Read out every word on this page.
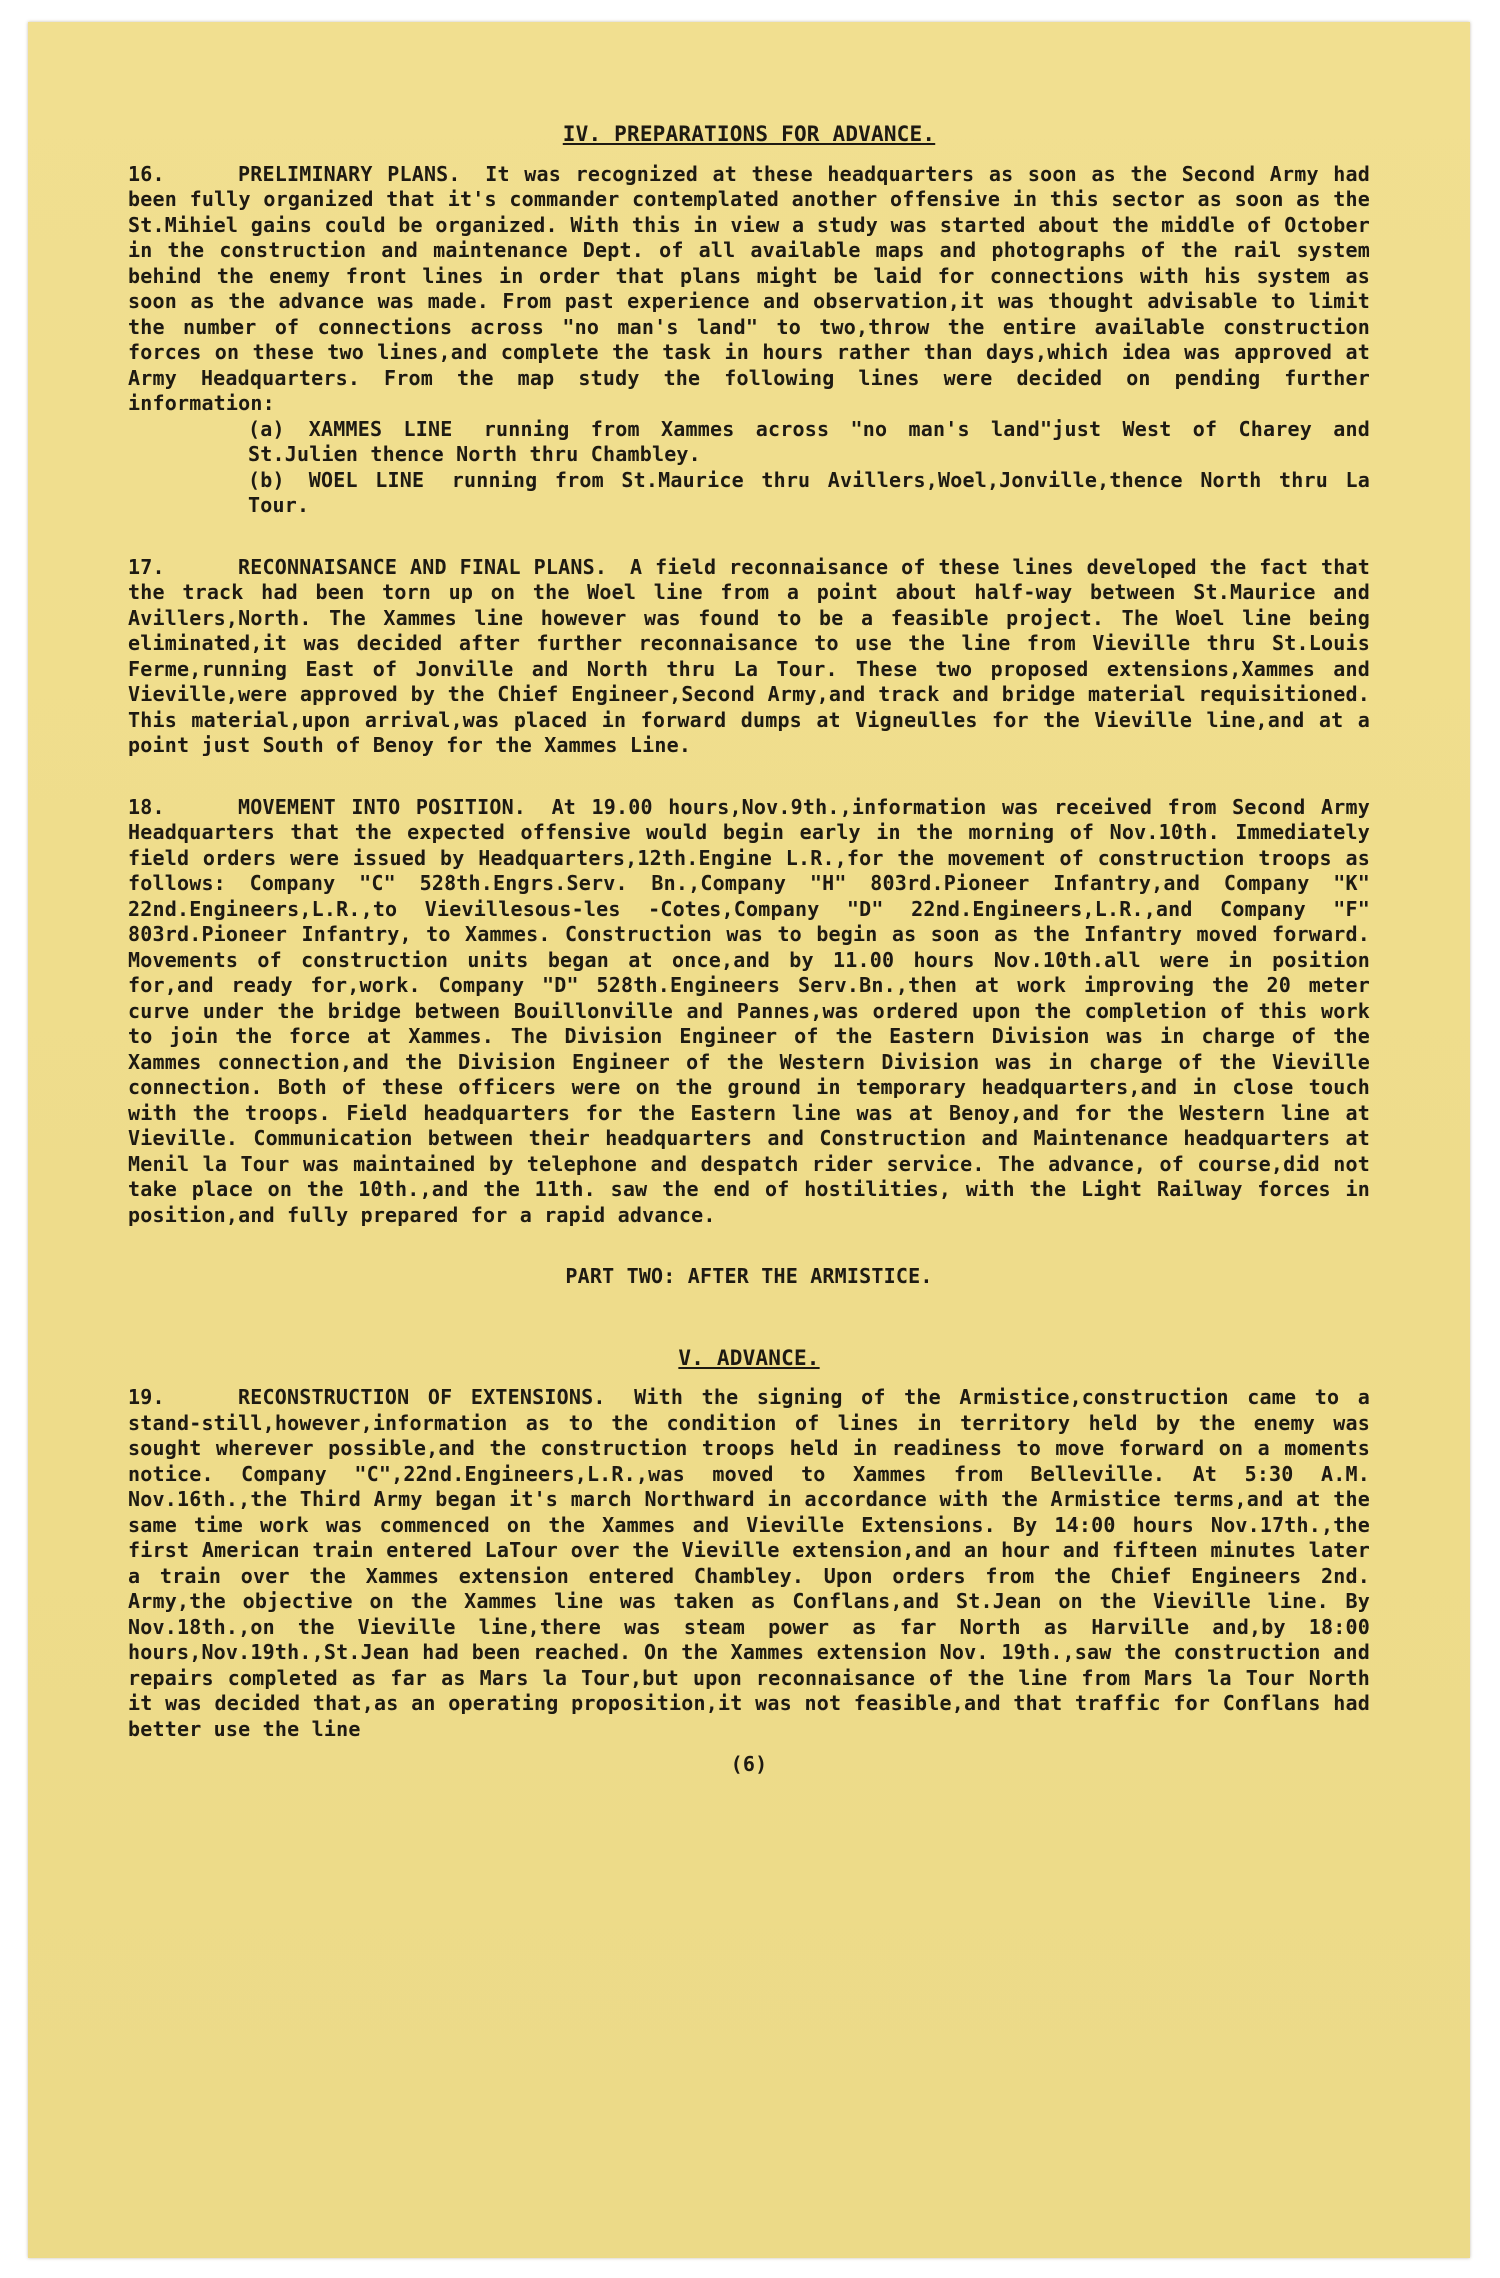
IV. PREPARATIONS FOR ADVANCE.
16.	PRELIMINARY PLANS. It was recognized at these headquarters as soon as the Second Army had been fully organized that it's commander contemplated another offensive in this sector as soon as the St.Mihiel gains could be organized. With this in view a study was started about the middle of October in the construction and maintenance Dept. of all available maps and photographs of the rail system behind the enemy front lines in order that plans might be laid for connections with his system as soon as the advance was made. From past experience and observation,it was thought advisable to limit the number of connections across "no man's land" to two,throw the entire available construction forces on these two lines,and complete the task in hours rather than days,which idea was approved at Army Headquarters. From the map study the following lines were decided on pending further information:
(a) XAMMES LINE running from Xammes across "no man's land"just West of Charey and St.Julien thence North thru Chambley.
(b) WOEL LINE running from St.Maurice thru Avillers,Woel,Jonville,thence North thru La Tour.
17.	RECONNAISANCE AND FINAL PLANS. A field reconnaisance of these lines developed the fact that the track had been torn up on the Woel line from a point about half-way between St.Maurice and Avillers,North. The Xammes line however was found to be a feasible project. The Woel line being eliminated,it was decided after further reconnaisance to use the line from Vieville thru St.Louis Ferme,running East of Jonville and North thru La Tour. These two proposed extensions,Xammes and Vieville,were approved by the Chief Engineer,Second Army,and track and bridge material requisitioned. This material,upon arrival,was placed in forward dumps at Vigneulles for the Vieville line,and at a point just South of Benoy for the Xammes Line.
18.	MOVEMENT INTO POSITION. At 19.00 hours,Nov.9th.,information was received from Second Army Headquarters that the expected offensive would begin early in the morning of Nov.10th. Immediately field orders were issued by Headquarters,12th.Engine L.R.,for the movement of construction troops as follows: Company "C" 528th.Engrs.Serv. Bn.,Company "H" 803rd.Pioneer Infantry,and Company "K" 22nd.Engineers,L.R.,to Vievillesous-les -Cotes,Company "D" 22nd.Engineers,L.R.,and Company "F" 803rd.Pioneer Infantry, to Xammes. Construction was to begin as soon as the Infantry moved forward. Movements of construction units began at once,and by 11.00 hours Nov.10th.all were in position for,and ready for,work. Company "D" 528th.Engineers Serv.Bn.,then at work improving the 20 meter curve under the bridge between Bouillonville and Pannes,was ordered upon the completion of this work to join the force at Xammes. The Division Engineer of the Eastern Division was in charge of the Xammes connection,and the Division Engineer of the Western Division was in charge of the Vieville connection. Both of these officers were on the ground in temporary headquarters,and in close touch with the troops. Field headquarters for the Eastern line was at Benoy,and for the Western line at Vieville. Communication between their headquarters and Construction and Maintenance headquarters at Menil la Tour was maintained by telephone and despatch rider service. The advance, of course,did not take place on the 10th.,and the 11th. saw the end of hostilities, with the Light Railway forces in position,and fully prepared for a rapid advance.
PART TWO: AFTER THE ARMISTICE.
V. ADVANCE.
19.	RECONSTRUCTION OF EXTENSIONS. With the signing of the Armistice,construction came to a stand-still,however,information as to the condition of lines in territory held by the enemy was sought wherever possible,and the construction troops held in readiness to move forward on a moments notice. Company "C",22nd.Engineers,L.R.,was moved to Xammes from Belleville. At 5:30 A.M. Nov.16th.,the Third Army began it's march Northward in accordance with the Armistice terms,and at the same time work was commenced on the Xammes and Vieville Extensions. By 14:00 hours Nov.17th.,the first American train entered LaTour over the Vieville extension,and an hour and fifteen minutes later a train over the Xammes extension entered Chambley. Upon orders from the Chief Engineers 2nd. Army,the objective on the Xammes line was taken as Conflans,and St.Jean on the Vieville line. By Nov.18th.,on the Vieville line,there was steam power as far North as Harville and,by 18:00 hours,Nov.19th.,St.Jean had been reached. On the Xammes extension Nov. 19th.,saw the construction and repairs completed as far as Mars la Tour,but upon reconnaisance of the line from Mars la Tour North it was decided that,as an operating proposition,it was not feasible,and that traffic for Conflans had better use the line
(6)
